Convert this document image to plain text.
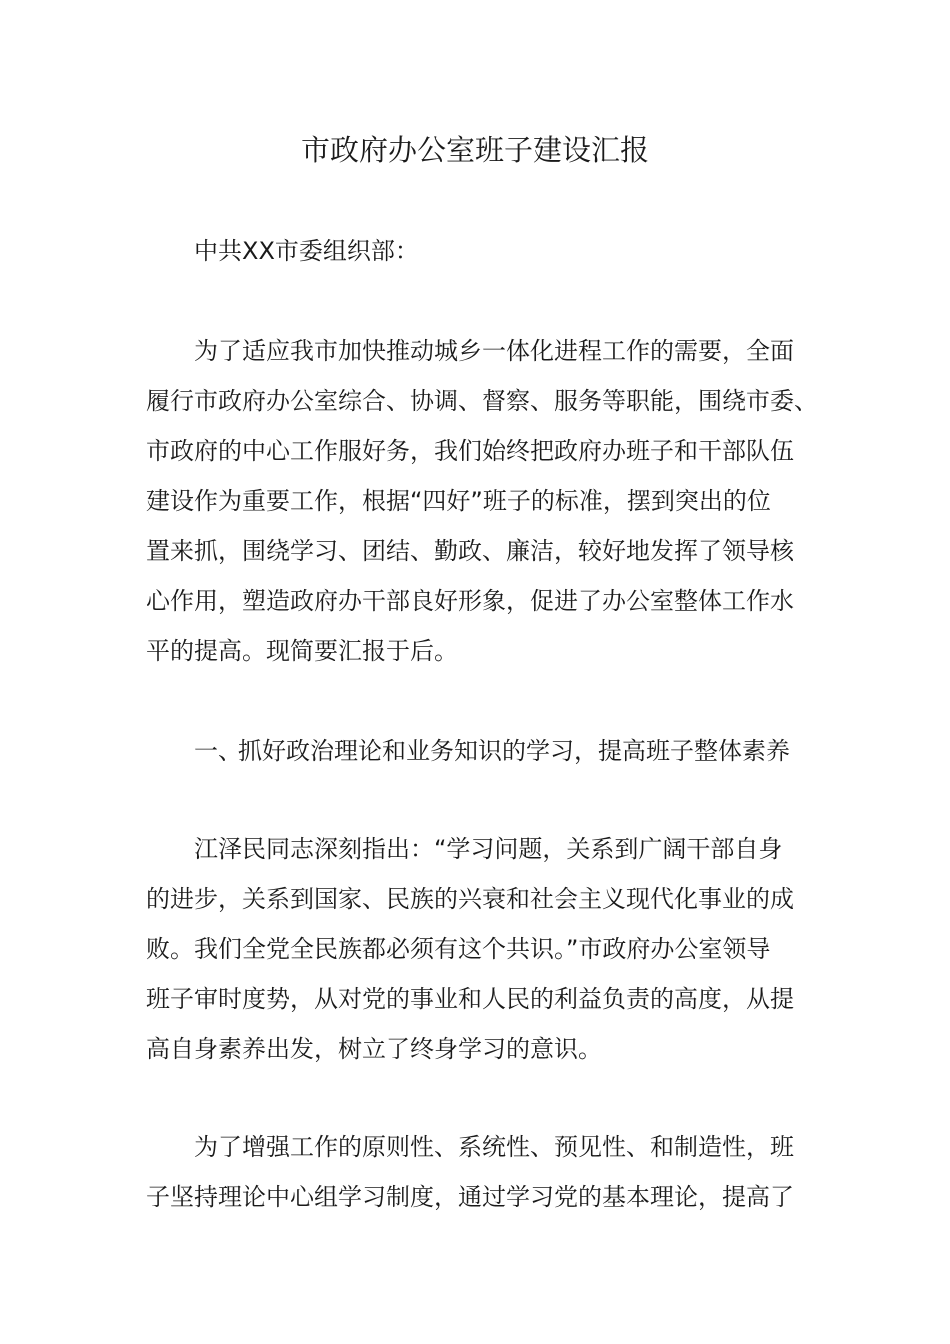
市政府办公室班子建设汇报

中共XX市委组织部：

为了适应我市加快推动城乡一体化进程工作的需要，全面

履行市政府办公室综合、协调、督察、服务等职能，围绕市委、

市政府的中心工作服好务，我们始终把政府办班子和干部队伍

建设作为重要工作，根据“四好”班子的标准，摆到突出的位

置来抓，围绕学习、团结、勤政、廉洁，较好地发挥了领导核

心作用，塑造政府办干部良好形象，促进了办公室整体工作水

平的提高。现简要汇报于后。

一、抓好政治理论和业务知识的学习，提高班子整体素养

江泽民同志深刻指出：“学习问题，关系到广阔干部自身

的进步，关系到国家、民族的兴衰和社会主义现代化事业的成

败。我们全党全民族都必须有这个共识。”市政府办公室领导

班子审时度势，从对党的事业和人民的利益负责的高度，从提

高自身素养出发，树立了终身学习的意识。

为了增强工作的原则性、系统性、预见性、和制造性，班

子坚持理论中心组学习制度，通过学习党的基本理论，提高了
